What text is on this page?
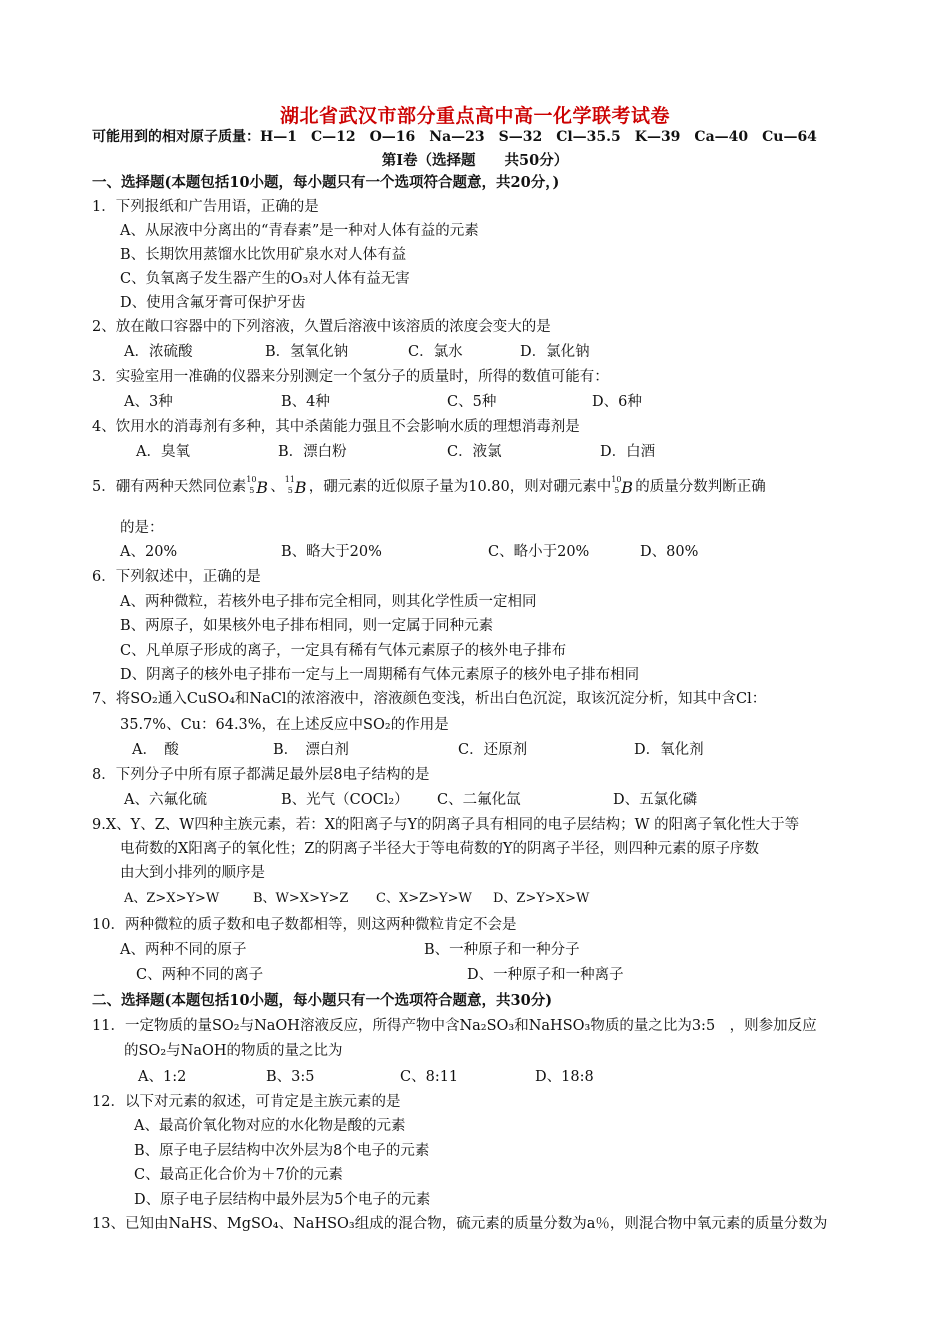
湖北省武汉市部分重点高中高一化学联考试卷
可能用到的相对原子质量：H—1　C—12　O—16　Na—23　S—32　Cl—35.5　K—39　Ca—40　Cu—64
第Ⅰ卷（选择题　　共50分）
一、选择题(本题包括10小题，每小题只有一个选项符合题意，共20分，)
1．下列报纸和广告用语，正确的是
A、从尿液中分离出的“青春素”是一种对人体有益的元素
B、长期饮用蒸馏水比饮用矿泉水对人体有益
C、负氧离子发生器产生的O₃对人体有益无害
D、使用含氟牙膏可保护牙齿
2、放在敞口容器中的下列溶液，久置后溶液中该溶质的浓度会变大的是
A．浓硫酸	B．氢氧化钠	C．氯水	D．氯化钠
3．实验室用一准确的仪器来分别测定一个氢分子的质量时，所得的数值可能有：
A、3种	B、4种	C、5种	D、6种
4、饮用水的消毒剂有多种，其中杀菌能力强且不会影响水质的理想消毒剂是
A．臭氧	B．漂白粉	C．液氯	D．白酒
5．硼有两种天然同位素 10
5 B 、 11
5 B ，硼元素的近似原子量为10.80，则对硼元素中 10
5 B 的质量分数判断正确
的是：
A、20%	B、略大于20%	C、略小于20%	D、80%
6．下列叙述中，正确的是
A、两种微粒，若核外电子排布完全相同，则其化学性质一定相同
B、两原子，如果核外电子排布相同，则一定属于同种元素
C、凡单原子形成的离子，一定具有稀有气体元素原子的核外电子排布
D、阴离子的核外电子排布一定与上一周期稀有气体元素原子的核外电子排布相同
7、将SO₂通入CuSO₄和NaCl的浓溶液中，溶液颜色变浅，析出白色沉淀，取该沉淀分析，知其中含Cl：
35.7%、Cu：64.3%，在上述反应中SO₂的作用是
A．　酸	B．　漂白剂	C．还原剂	D．氧化剂
8．下列分子中所有原子都满足最外层8电子结构的是
A、六氟化硫	B、光气（COCl₂） C、二氟化氙	D、五氯化磷
9.X、Y、Z、W四种主族元素，若：X的阳离子与Y的阴离子具有相同的电子层结构；W 的阳离子氧化性大于等
电荷数的X阳离子的氧化性；Z的阴离子半径大于等电荷数的Y的阴离子半径，则四种元素的原子序数
由大到小排列的顺序是
A、Z>X>Y>W	B、W>X>Y>Z C、X>Z>Y>W D、Z>Y>X>W
10．两种微粒的质子数和电子数都相等，则这两种微粒肯定不会是
A、两种不同的原子	B、一种原子和一种分子
C、两种不同的离子	D、一种原子和一种离子
二、选择题(本题包括10小题，每小题只有一个选项符合题意，共30分)
11．一定物质的量SO₂与NaOH溶液反应，所得产物中含Na₂SO₃和NaHSO₃物质的量之比为3:5　，则参加反应
的SO₂与NaOH的物质的量之比为
A、1:2	B、3:5	C、8:11	D、18:8
12．以下对元素的叙述，可肯定是主族元素的是
A、最高价氧化物对应的水化物是酸的元素
B、原子电子层结构中次外层为8个电子的元素
C、最高正化合价为＋7价的元素
D、原子电子层结构中最外层为5个电子的元素
13、已知由NaHS、MgSO₄、NaHSO₃组成的混合物，硫元素的质量分数为a％，则混合物中氧元素的质量分数为
